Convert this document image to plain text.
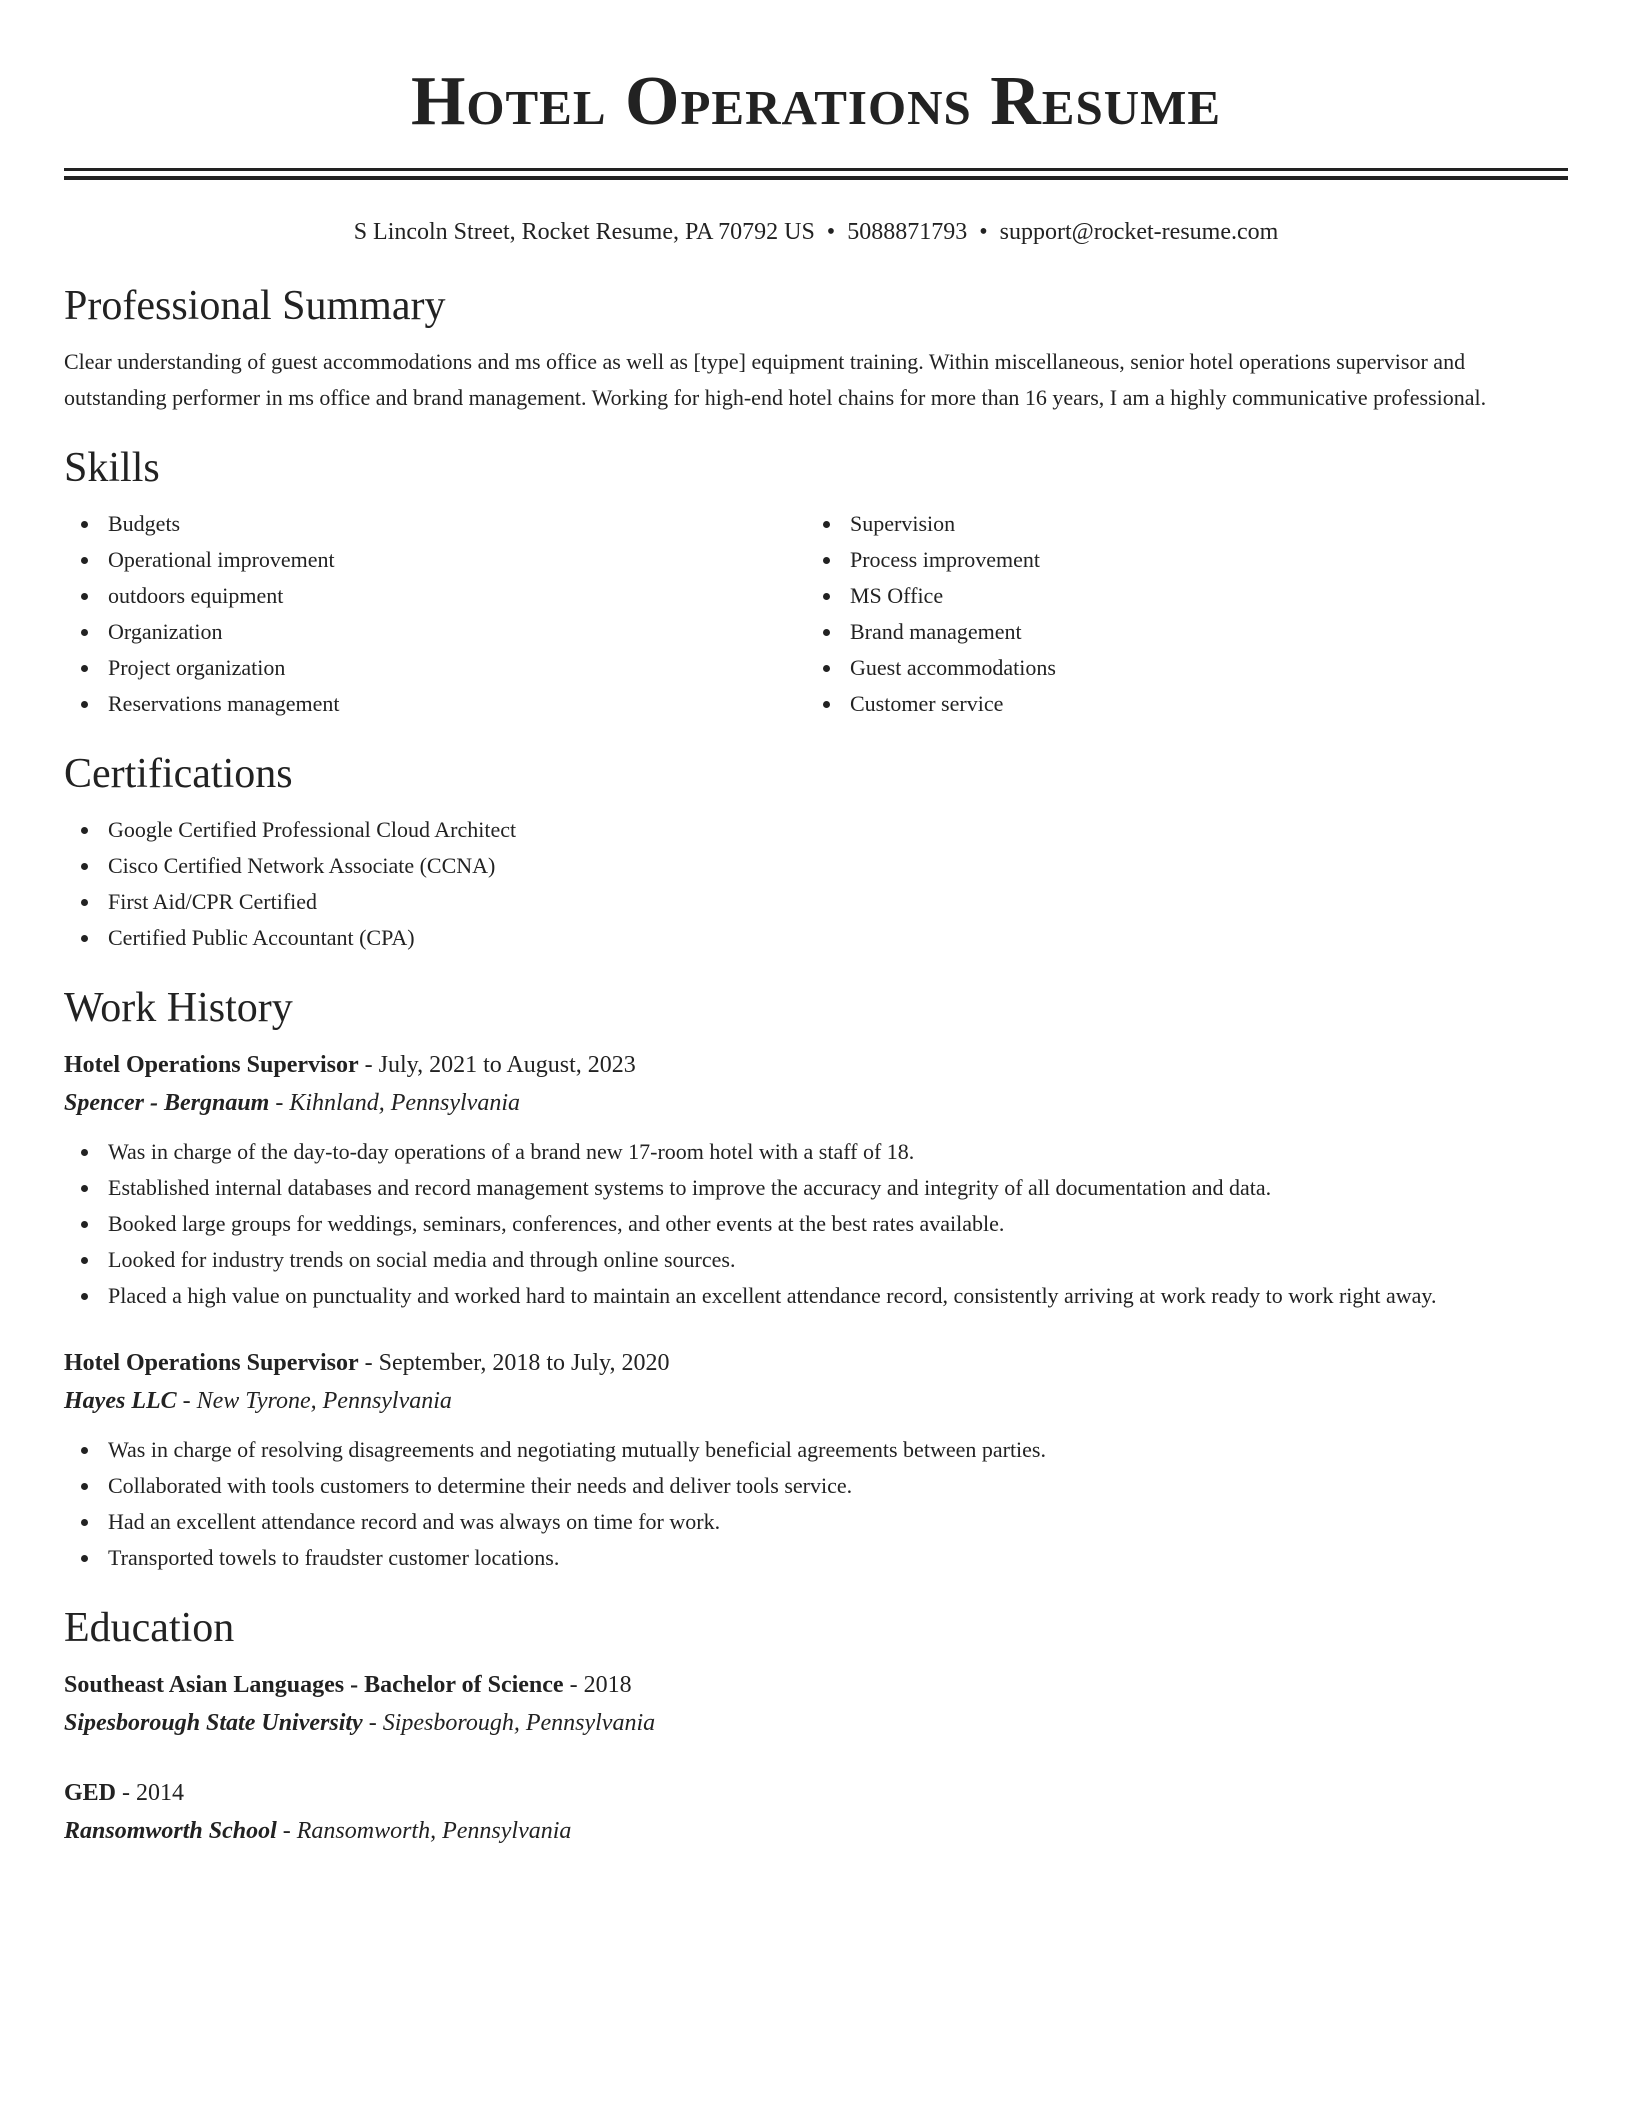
Hotel Operations Resume
S Lincoln Street, Rocket Resume, PA 70792 US • 5088871793 • support@rocket-resume.com
Professional Summary

Clear understanding of guest accommodations and ms office as well as [type] equipment training. Within miscellaneous, senior hotel operations supervisor and outstanding performer in ms office and brand management. Working for high-end hotel chains for more than 16 years, I am a highly communicative professional.

Skills
Budgets
Operational improvement
outdoors equipment
Organization
Project organization
Reservations management
Supervision
Process improvement
MS Office
Brand management
Guest accommodations
Customer service
Certifications
Google Certified Professional Cloud Architect
Cisco Certified Network Associate (CCNA)
First Aid/CPR Certified
Certified Public Accountant (CPA)
Work History
Hotel Operations Supervisor - July, 2021 to August, 2023
Spencer - Bergnaum - Kihnland, Pennsylvania
Was in charge of the day-to-day operations of a brand new 17-room hotel with a staff of 18.
Established internal databases and record management systems to improve the accuracy and integrity of all documentation and data.
Booked large groups for weddings, seminars, conferences, and other events at the best rates available.
Looked for industry trends on social media and through online sources.
Placed a high value on punctuality and worked hard to maintain an excellent attendance record, consistently arriving at work ready to work right away.
Hotel Operations Supervisor - September, 2018 to July, 2020
Hayes LLC - New Tyrone, Pennsylvania
Was in charge of resolving disagreements and negotiating mutually beneficial agreements between parties.
Collaborated with tools customers to determine their needs and deliver tools service.
Had an excellent attendance record and was always on time for work.
Transported towels to fraudster customer locations.
Education
Southeast Asian Languages - Bachelor of Science - 2018
Sipesborough State University - Sipesborough, Pennsylvania
GED - 2014
Ransomworth School - Ransomworth, Pennsylvania
